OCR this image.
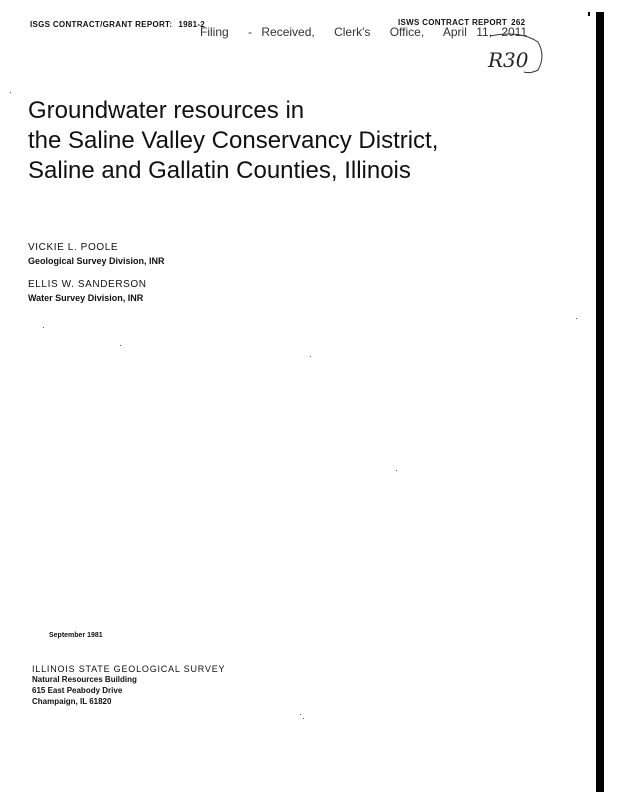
ISGS CONTRACT/GRANT REPORT: 1981-2	ISWS CONTRACT REPORT 262
Filing - Received, Clerk's Office, April 11, 2011
R30
Groundwater resources in
the Saline Valley Conservancy District,
Saline and Gallatin Counties, Illinois
VICKIE L. POOLE
Geological Survey Division, INR
ELLIS W. SANDERSON
Water Survey Division, INR
September 1981
ILLINOIS STATE GEOLOGICAL SURVEY
Natural Resources Building
615 East Peabody Drive
Champaign, IL 61820
